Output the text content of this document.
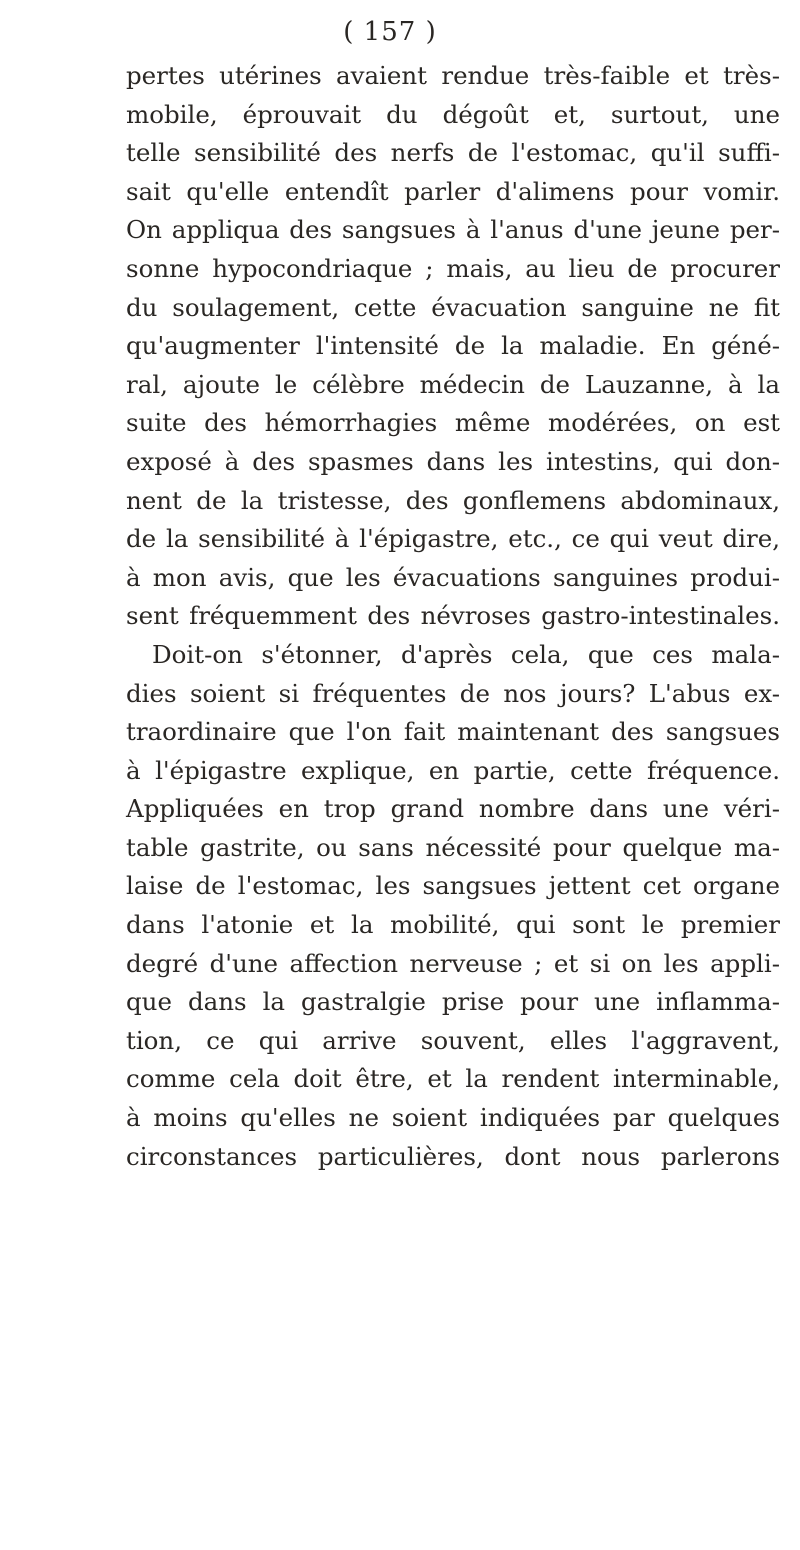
( 157 )
pertes utérines avaient rendue très-faible et très-
mobile, éprouvait du dégoût et, surtout, une
telle sensibilité des nerfs de l'estomac, qu'il suffi-
sait qu'elle entendît parler d'alimens pour vomir.
On appliqua des sangsues à l'anus d'une jeune per-
sonne hypocondriaque ; mais, au lieu de procurer
du soulagement, cette évacuation sanguine ne fit
qu'augmenter l'intensité de la maladie. En géné-
ral, ajoute le célèbre médecin de Lauzanne, à la
suite des hémorrhagies même modérées, on est
exposé à des spasmes dans les intestins, qui don-
nent de la tristesse, des gonflemens abdominaux,
de la sensibilité à l'épigastre, etc., ce qui veut dire,
à mon avis, que les évacuations sanguines produi-
sent fréquemment des névroses gastro-intestinales.
Doit-on s'étonner, d'après cela, que ces mala-
dies soient si fréquentes de nos jours? L'abus ex-
traordinaire que l'on fait maintenant des sangsues
à l'épigastre explique, en partie, cette fréquence.
Appliquées en trop grand nombre dans une véri-
table gastrite, ou sans nécessité pour quelque ma-
laise de l'estomac, les sangsues jettent cet organe
dans l'atonie et la mobilité, qui sont le premier
degré d'une affection nerveuse ; et si on les appli-
que dans la gastralgie prise pour une inflamma-
tion, ce qui arrive souvent, elles l'aggravent,
comme cela doit être, et la rendent interminable,
à moins qu'elles ne soient indiquées par quelques
circonstances particulières, dont nous parlerons
